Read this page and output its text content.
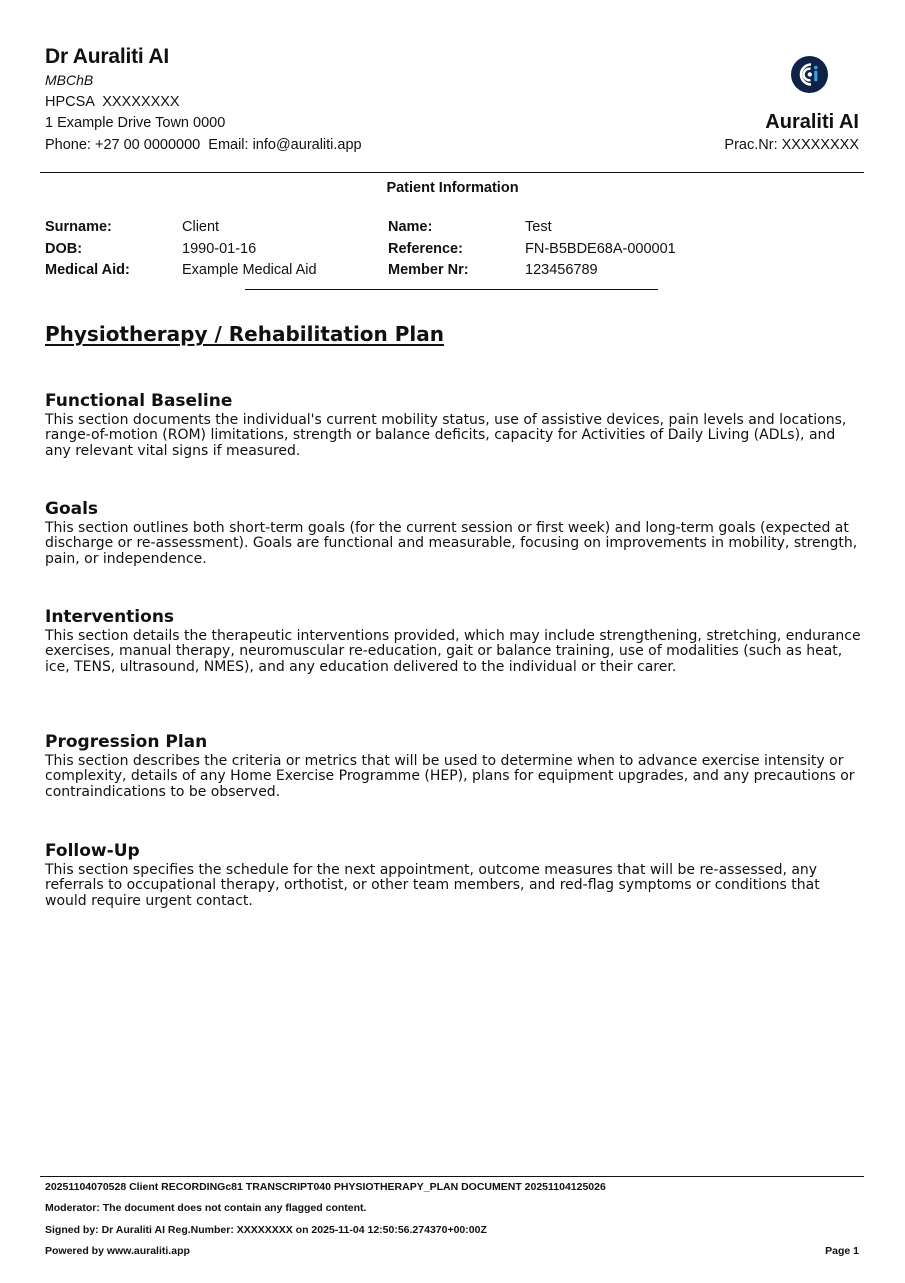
Dr Auraliti AI
MBChB
HPCSA  XXXXXXXX
1 Example Drive Town 0000
Phone: +27 00 0000000  Email: info@auraliti.app
Auraliti AI
Prac.Nr: XXXXXXXX
Patient Information
Surname:	Client
DOB:	1990-01-16
Medical Aid:	Example Medical Aid
Name:	Test
Reference:	FN-B5BDE68A-000001
Member Nr:	123456789
Physiotherapy / Rehabilitation Plan
Functional Baseline
This section documents the individual's current mobility status, use of assistive devices, pain levels and locations, range-of-motion (ROM) limitations, strength or balance deficits, capacity for Activities of Daily Living (ADLs), and any relevant vital signs if measured.
Goals
This section outlines both short-term goals (for the current session or first week) and long-term goals (expected at discharge or re-assessment). Goals are functional and measurable, focusing on improvements in mobility, strength, pain, or independence.
Interventions
This section details the therapeutic interventions provided, which may include strengthening, stretching, endurance exercises, manual therapy, neuromuscular re-education, gait or balance training, use of modalities (such as heat, ice, TENS, ultrasound, NMES), and any education delivered to the individual or their carer.
Progression Plan
This section describes the criteria or metrics that will be used to determine when to advance exercise intensity or complexity, details of any Home Exercise Programme (HEP), plans for equipment upgrades, and any precautions or contraindications to be observed.
Follow-Up
This section specifies the schedule for the next appointment, outcome measures that will be re-assessed, any referrals to occupational therapy, orthotist, or other team members, and red-flag symptoms or conditions that would require urgent contact.
20251104070528 Client RECORDINGc81 TRANSCRIPT040 PHYSIOTHERAPY_PLAN DOCUMENT 20251104125026
Moderator: The document does not contain any flagged content.
Signed by: Dr Auraliti AI Reg.Number: XXXXXXXX on 2025-11-04 12:50:56.274370+00:00Z
Powered by www.auraliti.app	Page 1
